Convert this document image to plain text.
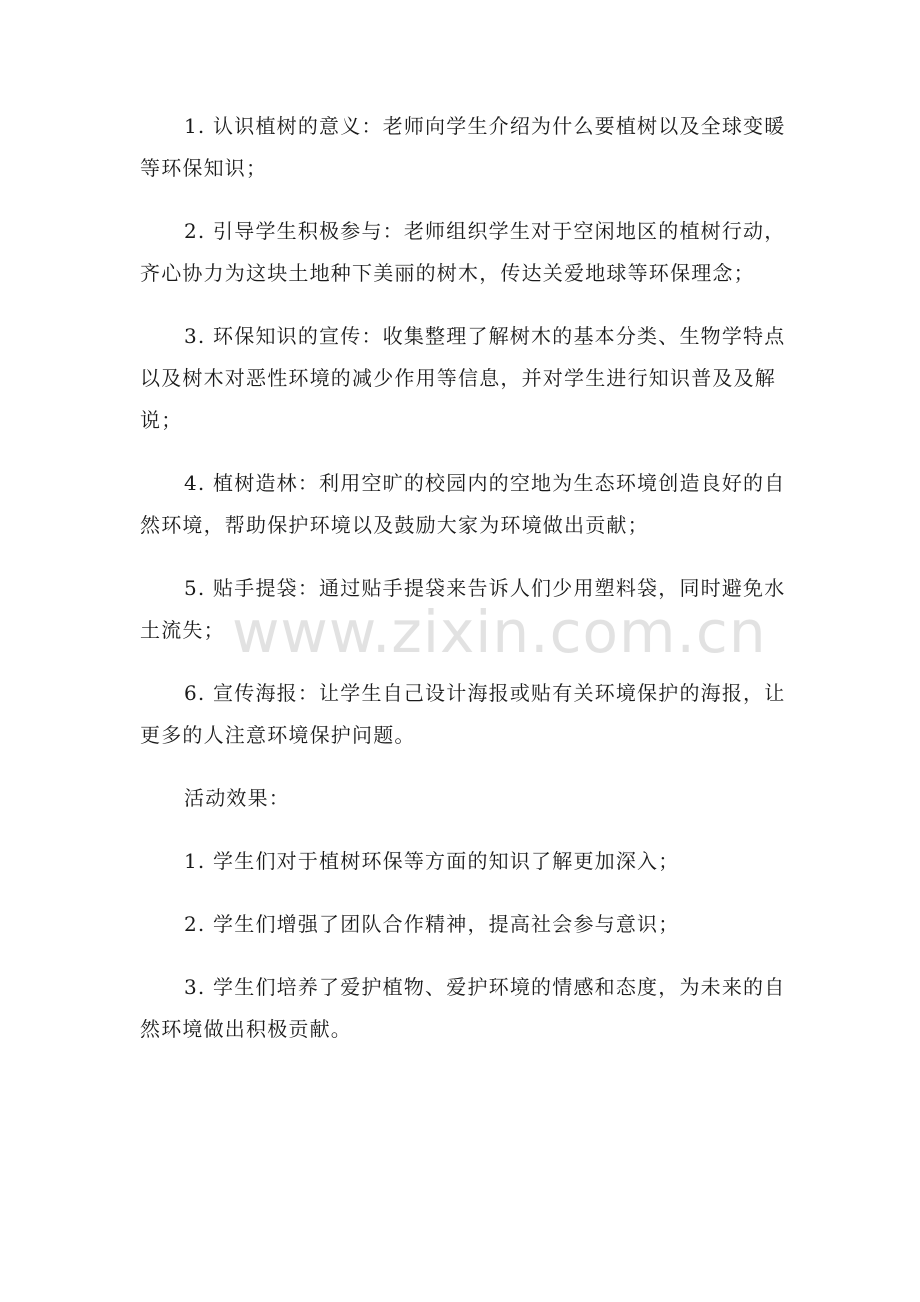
1. 认识植树的意义：老师向学生介绍为什么要植树以及全球变暖等环保知识；

2. 引导学生积极参与：老师组织学生对于空闲地区的植树行动，齐心协力为这块土地种下美丽的树木，传达关爱地球等环保理念；

3. 环保知识的宣传：收集整理了解树木的基本分类、生物学特点以及树木对恶性环境的减少作用等信息，并对学生进行知识普及及解说；

4. 植树造林：利用空旷的校园内的空地为生态环境创造良好的自然环境，帮助保护环境以及鼓励大家为环境做出贡献；

5. 贴手提袋：通过贴手提袋来告诉人们少用塑料袋，同时避免水土流失；

6. 宣传海报：让学生自己设计海报或贴有关环境保护的海报，让更多的人注意环境保护问题。

活动效果：

1. 学生们对于植树环保等方面的知识了解更加深入；

2. 学生们增强了团队合作精神，提高社会参与意识；

3. 学生们培养了爱护植物、爱护环境的情感和态度，为未来的自然环境做出积极贡献。

www.zixin.com.cn
